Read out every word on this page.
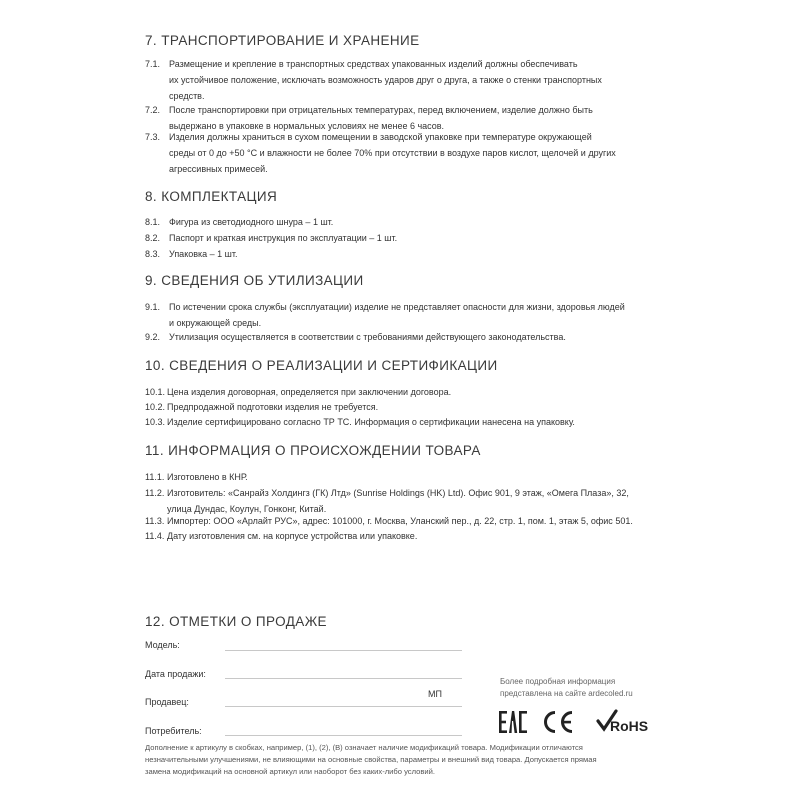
7. ТРАНСПОРТИРОВАНИЕ И ХРАНЕНИЕ
7.1. Размещение и крепление в транспортных средствах упакованных изделий должны обеспечивать
их устойчивое положение, исключать возможность ударов друг о друга, а также о стенки транспортных
средств.
7.2. После транспортировки при отрицательных температурах, перед включением, изделие должно быть
выдержано в упаковке в нормальных условиях не менее 6 часов.
7.3. Изделия должны храниться в сухом помещении в заводской упаковке при температуре окружающей
среды от 0 до +50 °С и влажности не более 70% при отсутствии в воздухе паров кислот, щелочей и других
агрессивных примесей.
8. КОМПЛЕКТАЦИЯ
8.1. Фигура из светодиодного шнура – 1 шт.
8.2. Паспорт и краткая инструкция по эксплуатации – 1 шт.
8.3. Упаковка – 1 шт.
9. СВЕДЕНИЯ ОБ УТИЛИЗАЦИИ
9.1. По истечении срока службы (эксплуатации) изделие не представляет опасности для жизни, здоровья людей
и окружающей среды.
9.2. Утилизация осуществляется в соответствии с требованиями действующего законодательства.
10. СВЕДЕНИЯ О РЕАЛИЗАЦИИ И СЕРТИФИКАЦИИ
10.1. Цена изделия договорная, определяется при заключении договора.
10.2. Предпродажной подготовки изделия не требуется.
10.3. Изделие сертифицировано согласно ТР ТС. Информация о сертификации нанесена на упаковку.
11. ИНФОРМАЦИЯ О ПРОИСХОЖДЕНИИ ТОВАРА
11.1. Изготовлено в КНР.
11.2. Изготовитель: «Санрайз Холдингз (ГК) Лтд» (Sunrise Holdings (HK) Ltd). Офис 901, 9 этаж, «Омега Плаза», 32,
улица Дундас, Коулун, Гонконг, Китай.
11.3. Импортер: ООО «Арлайт РУС», адрес: 101000, г. Москва, Уланский пер., д. 22, стр. 1, пом. 1, этаж 5, офис 501.
11.4. Дату изготовления см. на корпусе устройства или упаковке.
12. ОТМЕТКИ О ПРОДАЖЕ
Модель:
Дата продажи:
Продавец:
МП
Потребитель:
Более подробная информация
представлена на сайте ardecoled.ru
RoHS
Дополнение к артикулу в скобках, например, (1), (2), (B) означает наличие модификаций товара. Модификации отличаются
незначительными улучшениями, не влияющими на основные свойства, параметры и внешний вид товара. Допускается прямая
замена модификаций на основной артикул или наоборот без каких-либо условий.
